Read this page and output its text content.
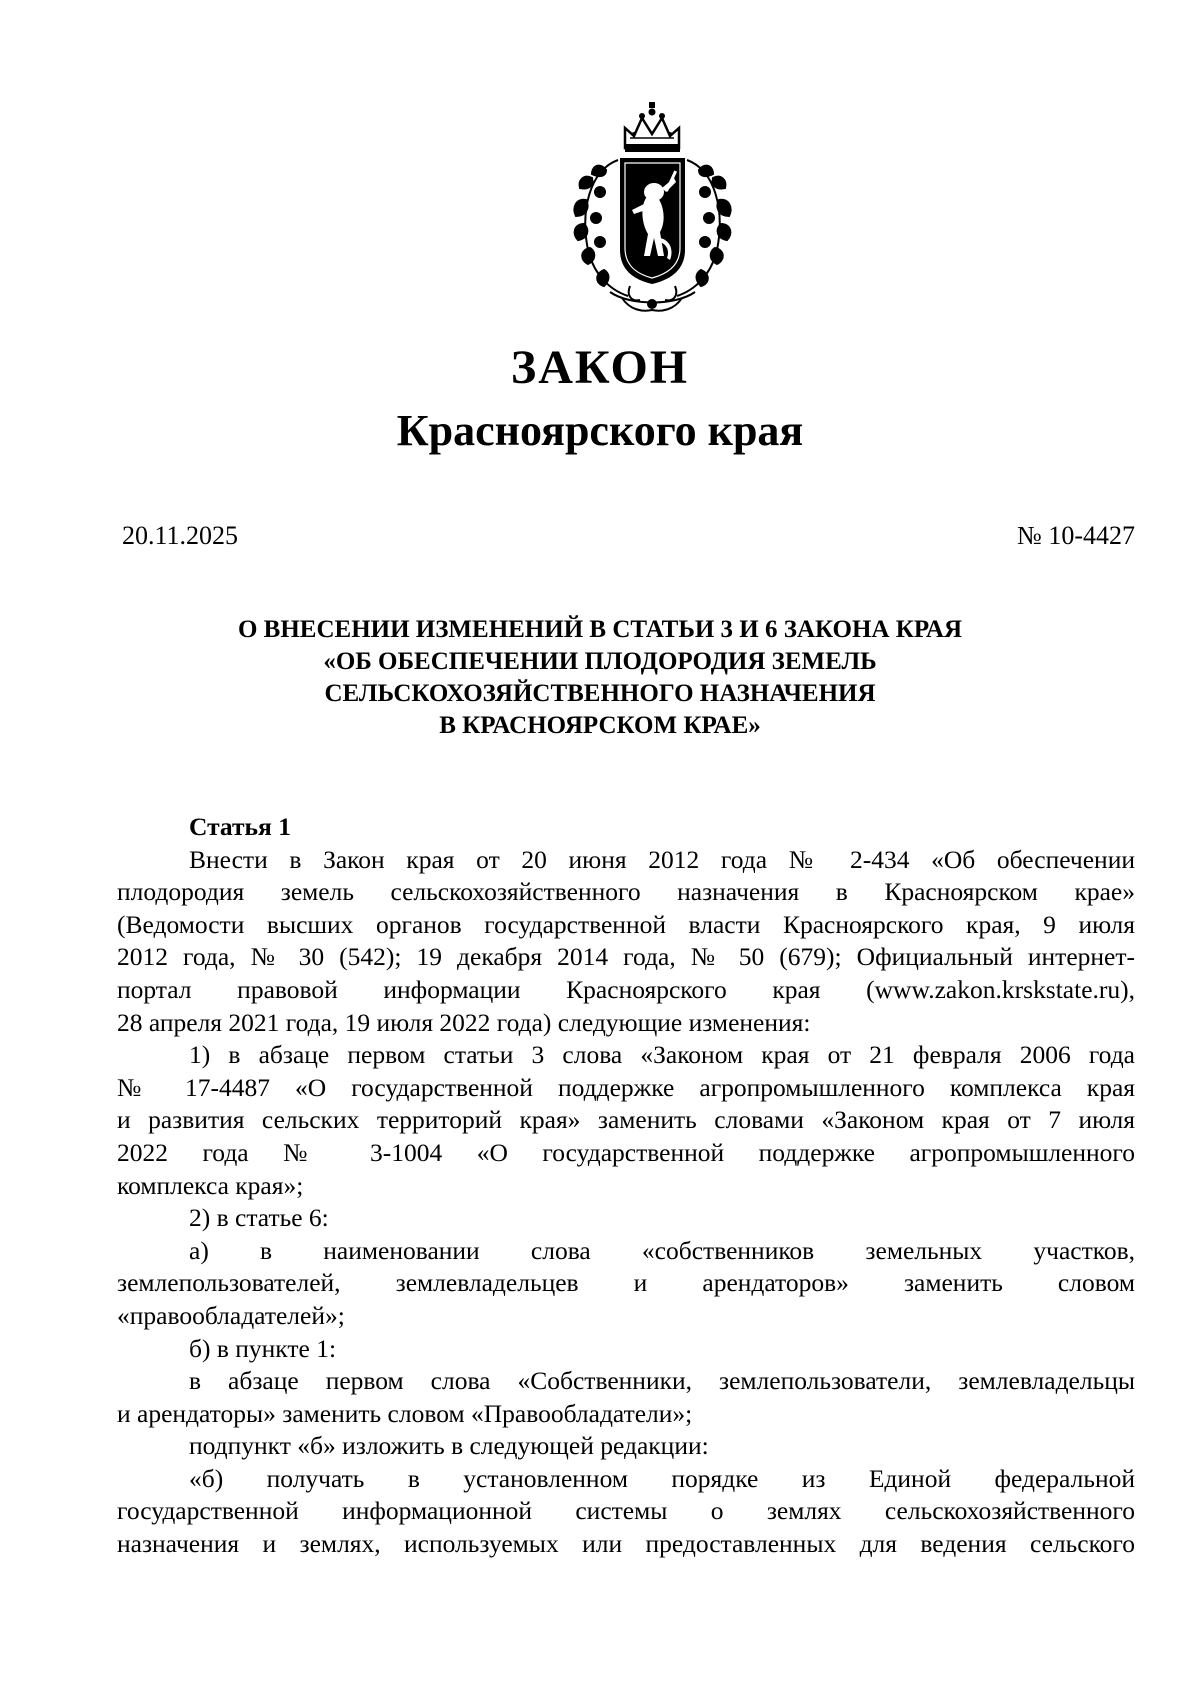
ЗАКОН
Красноярского края
20.11.2025	№ 10-4427
О ВНЕСЕНИИ ИЗМЕНЕНИЙ В СТАТЬИ 3 И 6 ЗАКОНА КРАЯ
«ОБ ОБЕСПЕЧЕНИИ ПЛОДОРОДИЯ ЗЕМЕЛЬ
СЕЛЬСКОХОЗЯЙСТВЕННОГО НАЗНАЧЕНИЯ
В КРАСНОЯРСКОМ КРАЕ»
Статья 1
Внести в Закон края от 20 июня 2012 года № 2-434 «Об обеспечении
плодородия земель сельскохозяйственного назначения в Красноярском крае»
(Ведомости высших органов государственной власти Красноярского края, 9 июля
2012 года, № 30 (542); 19 декабря 2014 года, № 50 (679); Официальный интернет-
портал правовой информации Красноярского края (www.zakon.krskstate.ru),
28 апреля 2021 года, 19 июля 2022 года) следующие изменения:
1) в абзаце первом статьи 3 слова «Законом края от 21 февраля 2006 года
№ 17-4487 «О государственной поддержке агропромышленного комплекса края
и развития сельских территорий края» заменить словами «Законом края от 7 июля
2022 года № 3-1004 «О государственной поддержке агропромышленного
комплекса края»;
2) в статье 6:
а) в наименовании слова «собственников земельных участков,
землепользователей, землевладельцев и арендаторов» заменить словом
«правообладателей»;
б) в пункте 1:
в абзаце первом слова «Собственники, землепользователи, землевладельцы
и арендаторы» заменить словом «Правообладатели»;
подпункт «б» изложить в следующей редакции:
«б) получать в установленном порядке из Единой федеральной
государственной информационной системы о землях сельскохозяйственного
назначения и землях, используемых или предоставленных для ведения сельского
